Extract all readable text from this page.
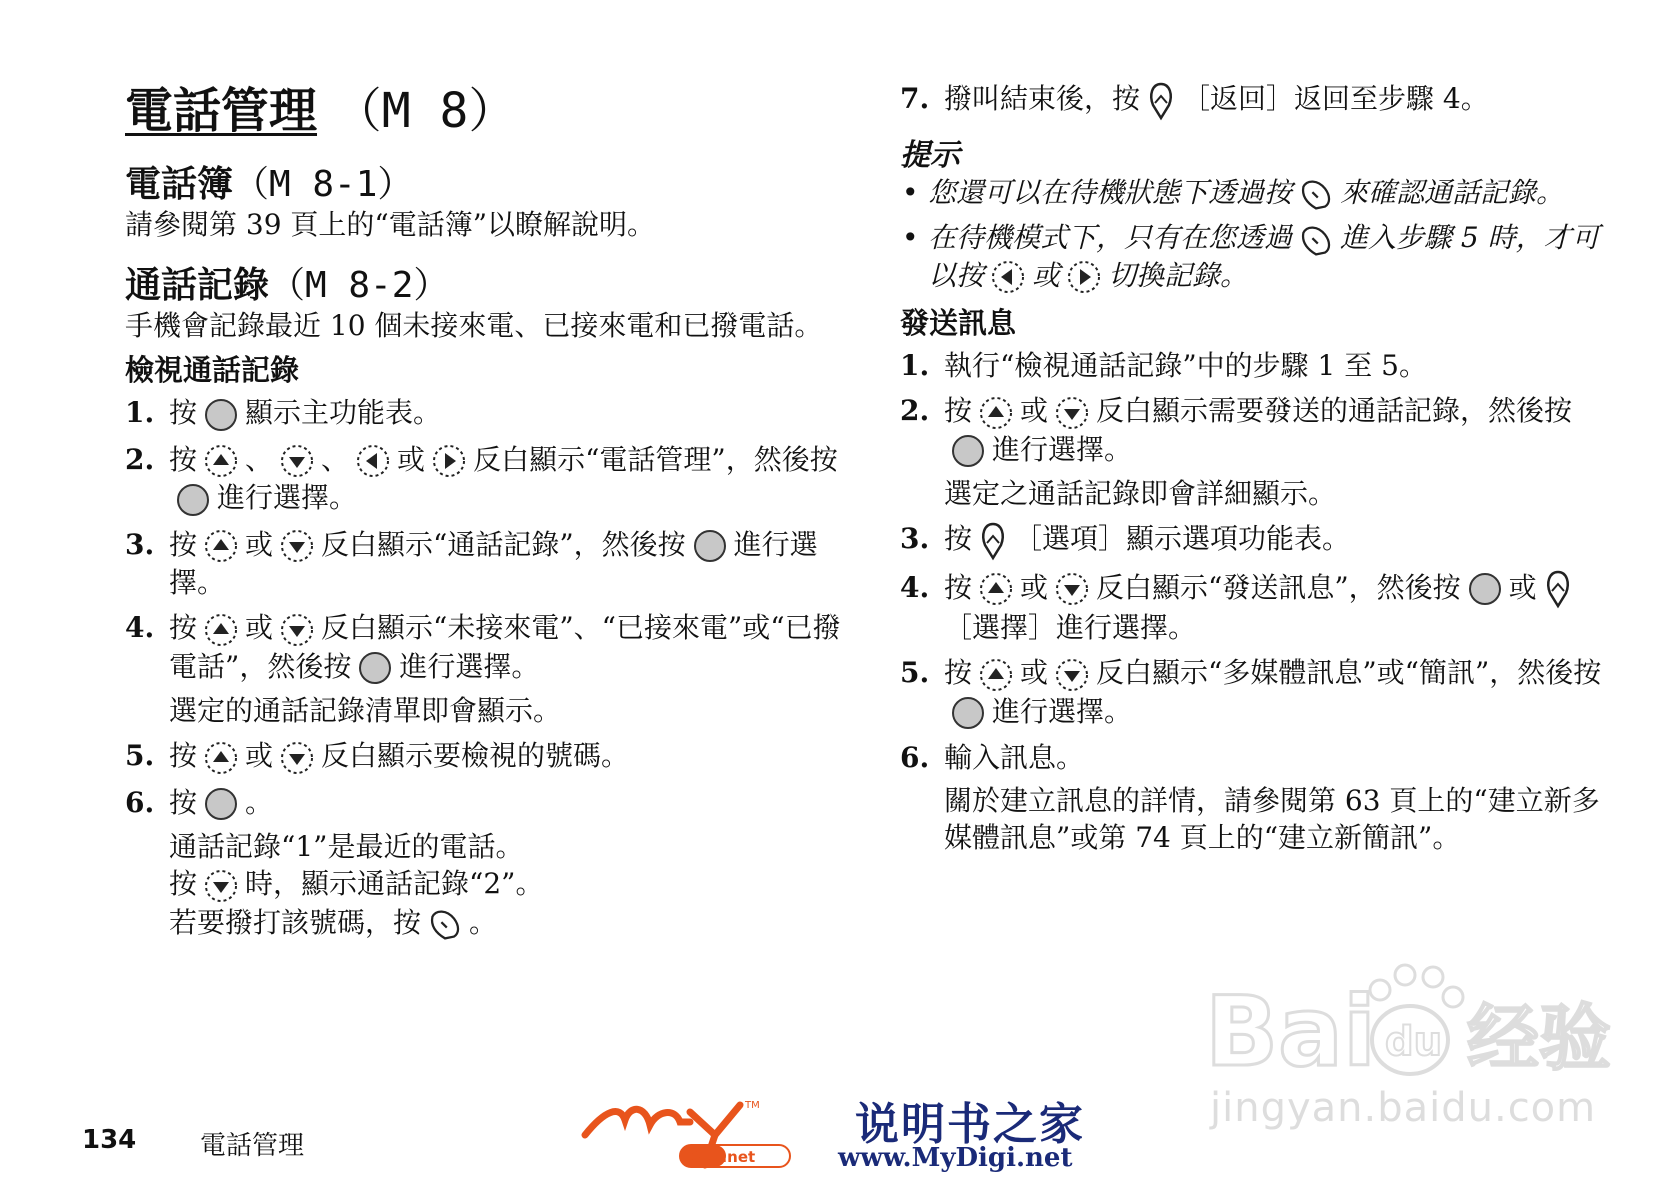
電話管理 （M 8）
電話簿（M 8-1）

請參閱第 39 頁上的“電話簿”以瞭解說明。

通話記錄（M 8-2）

手機會記錄最近 10 個未接來電、已接來電和已撥電話。

檢視通話記錄
1. 按 顯示主功能表。
2. 按 、 、 或 反白顯示“電話管理”，然後按進行選擇。
3. 按 或 反白顯示“通話記錄”，然後按 進行選擇。
4. 按 或 反白顯示“未接來電”、“已接來電”或“已撥電話”，然後按 進行選擇。
選定的通話記錄清單即會顯示。
5. 按 或 反白顯示要檢視的號碼。
6. 按 。
通話記錄“1”是最近的電話。
按 時，顯示通話記錄“2”。
若要撥打該號碼，按 。
7. 撥叫結束後，按 ［返回］返回至步驟 4。
提示
• 您還可以在待機狀態下透過按 來確認通話記錄。
• 在待機模式下，只有在您透過 進入步驟 5 時，才可以按 或 切換記錄。
發送訊息
1. 執行“檢視通話記錄”中的步驟 1 至 5。
2. 按 或 反白顯示需要發送的通話記錄，然後按進行選擇。
選定之通話記錄即會詳細顯示。
3. 按 ［選項］顯示選項功能表。
4. 按 或 反白顯示“發送訊息”，然後按 或［選擇］進行選擇。
5. 按 或 反白顯示“多媒體訊息”或“簡訊”，然後按進行選擇。
6. 輸入訊息。
關於建立訊息的詳情，請參閱第 63 頁上的“建立新多媒體訊息”或第 74 頁上的“建立新簡訊”。
134 電話管理
TM
Digi.net
说明书之家
www.MyDigi.net
Bai du 经验
jingyan.baidu.com
